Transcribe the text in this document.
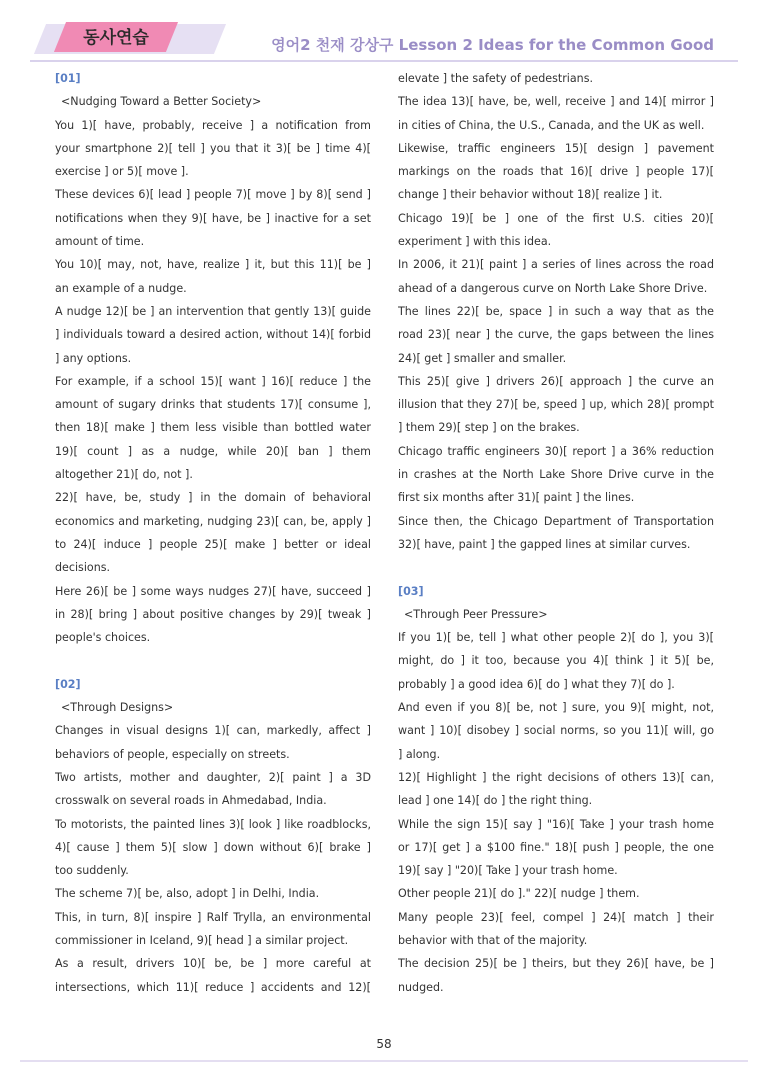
동사연습	영어2 천재 강상구 Lesson 2 Ideas for the Common Good
[01]
<Nudging Toward a Better Society>
You 1)[ have, probably, receive ] a notification from
your smartphone 2)[ tell ] you that it 3)[ be ] time 4)[
exercise ] or 5)[ move ].
These devices 6)[ lead ] people 7)[ move ] by 8)[ send ]
notifications when they 9)[ have, be ] inactive for a set
amount of time.
You 10)[ may, not, have, realize ] it, but this 11)[ be ]
an example of a nudge.
A nudge 12)[ be ] an intervention that gently 13)[ guide
] individuals toward a desired action, without 14)[ forbid
] any options.
For example, if a school 15)[ want ] 16)[ reduce ] the
amount of sugary drinks that students 17)[ consume ],
then 18)[ make ] them less visible than bottled water
19)[ count ] as a nudge, while 20)[ ban ] them
altogether 21)[ do, not ].
22)[ have, be, study ] in the domain of behavioral
economics and marketing, nudging 23)[ can, be, apply ]
to 24)[ induce ] people 25)[ make ] better or ideal
decisions.
Here 26)[ be ] some ways nudges 27)[ have, succeed ]
in 28)[ bring ] about positive changes by 29)[ tweak ]
people's choices.
[02]
<Through Designs>
Changes in visual designs 1)[ can, markedly, affect ]
behaviors of people, especially on streets.
Two artists, mother and daughter, 2)[ paint ] a 3D
crosswalk on several roads in Ahmedabad, India.
To motorists, the painted lines 3)[ look ] like roadblocks,
4)[ cause ] them 5)[ slow ] down without 6)[ brake ]
too suddenly.
The scheme 7)[ be, also, adopt ] in Delhi, India.
This, in turn, 8)[ inspire ] Ralf Trylla, an environmental
commissioner in Iceland, 9)[ head ] a similar project.
As a result, drivers 10)[ be, be ] more careful at
intersections, which 11)[ reduce ] accidents and 12)[
elevate ] the safety of pedestrians.
The idea 13)[ have, be, well, receive ] and 14)[ mirror ]
in cities of China, the U.S., Canada, and the UK as well.
Likewise, traffic engineers 15)[ design ] pavement
markings on the roads that 16)[ drive ] people 17)[
change ] their behavior without 18)[ realize ] it.
Chicago 19)[ be ] one of the first U.S. cities 20)[
experiment ] with this idea.
In 2006, it 21)[ paint ] a series of lines across the road
ahead of a dangerous curve on North Lake Shore Drive.
The lines 22)[ be, space ] in such a way that as the
road 23)[ near ] the curve, the gaps between the lines
24)[ get ] smaller and smaller.
This 25)[ give ] drivers 26)[ approach ] the curve an
illusion that they 27)[ be, speed ] up, which 28)[ prompt
] them 29)[ step ] on the brakes.
Chicago traffic engineers 30)[ report ] a 36% reduction
in crashes at the North Lake Shore Drive curve in the
first six months after 31)[ paint ] the lines.
Since then, the Chicago Department of Transportation
32)[ have, paint ] the gapped lines at similar curves.
[03]
<Through Peer Pressure>
If you 1)[ be, tell ] what other people 2)[ do ], you 3)[
might, do ] it too, because you 4)[ think ] it 5)[ be,
probably ] a good idea 6)[ do ] what they 7)[ do ].
And even if you 8)[ be, not ] sure, you 9)[ might, not,
want ] 10)[ disobey ] social norms, so you 11)[ will, go
] along.
12)[ Highlight ] the right decisions of others 13)[ can,
lead ] one 14)[ do ] the right thing.
While the sign 15)[ say ] "16)[ Take ] your trash home
or 17)[ get ] a $100 fine." 18)[ push ] people, the one
19)[ say ] "20)[ Take ] your trash home.
Other people 21)[ do ]." 22)[ nudge ] them.
Many people 23)[ feel, compel ] 24)[ match ] their
behavior with that of the majority.
The decision 25)[ be ] theirs, but they 26)[ have, be ]
nudged.
58
